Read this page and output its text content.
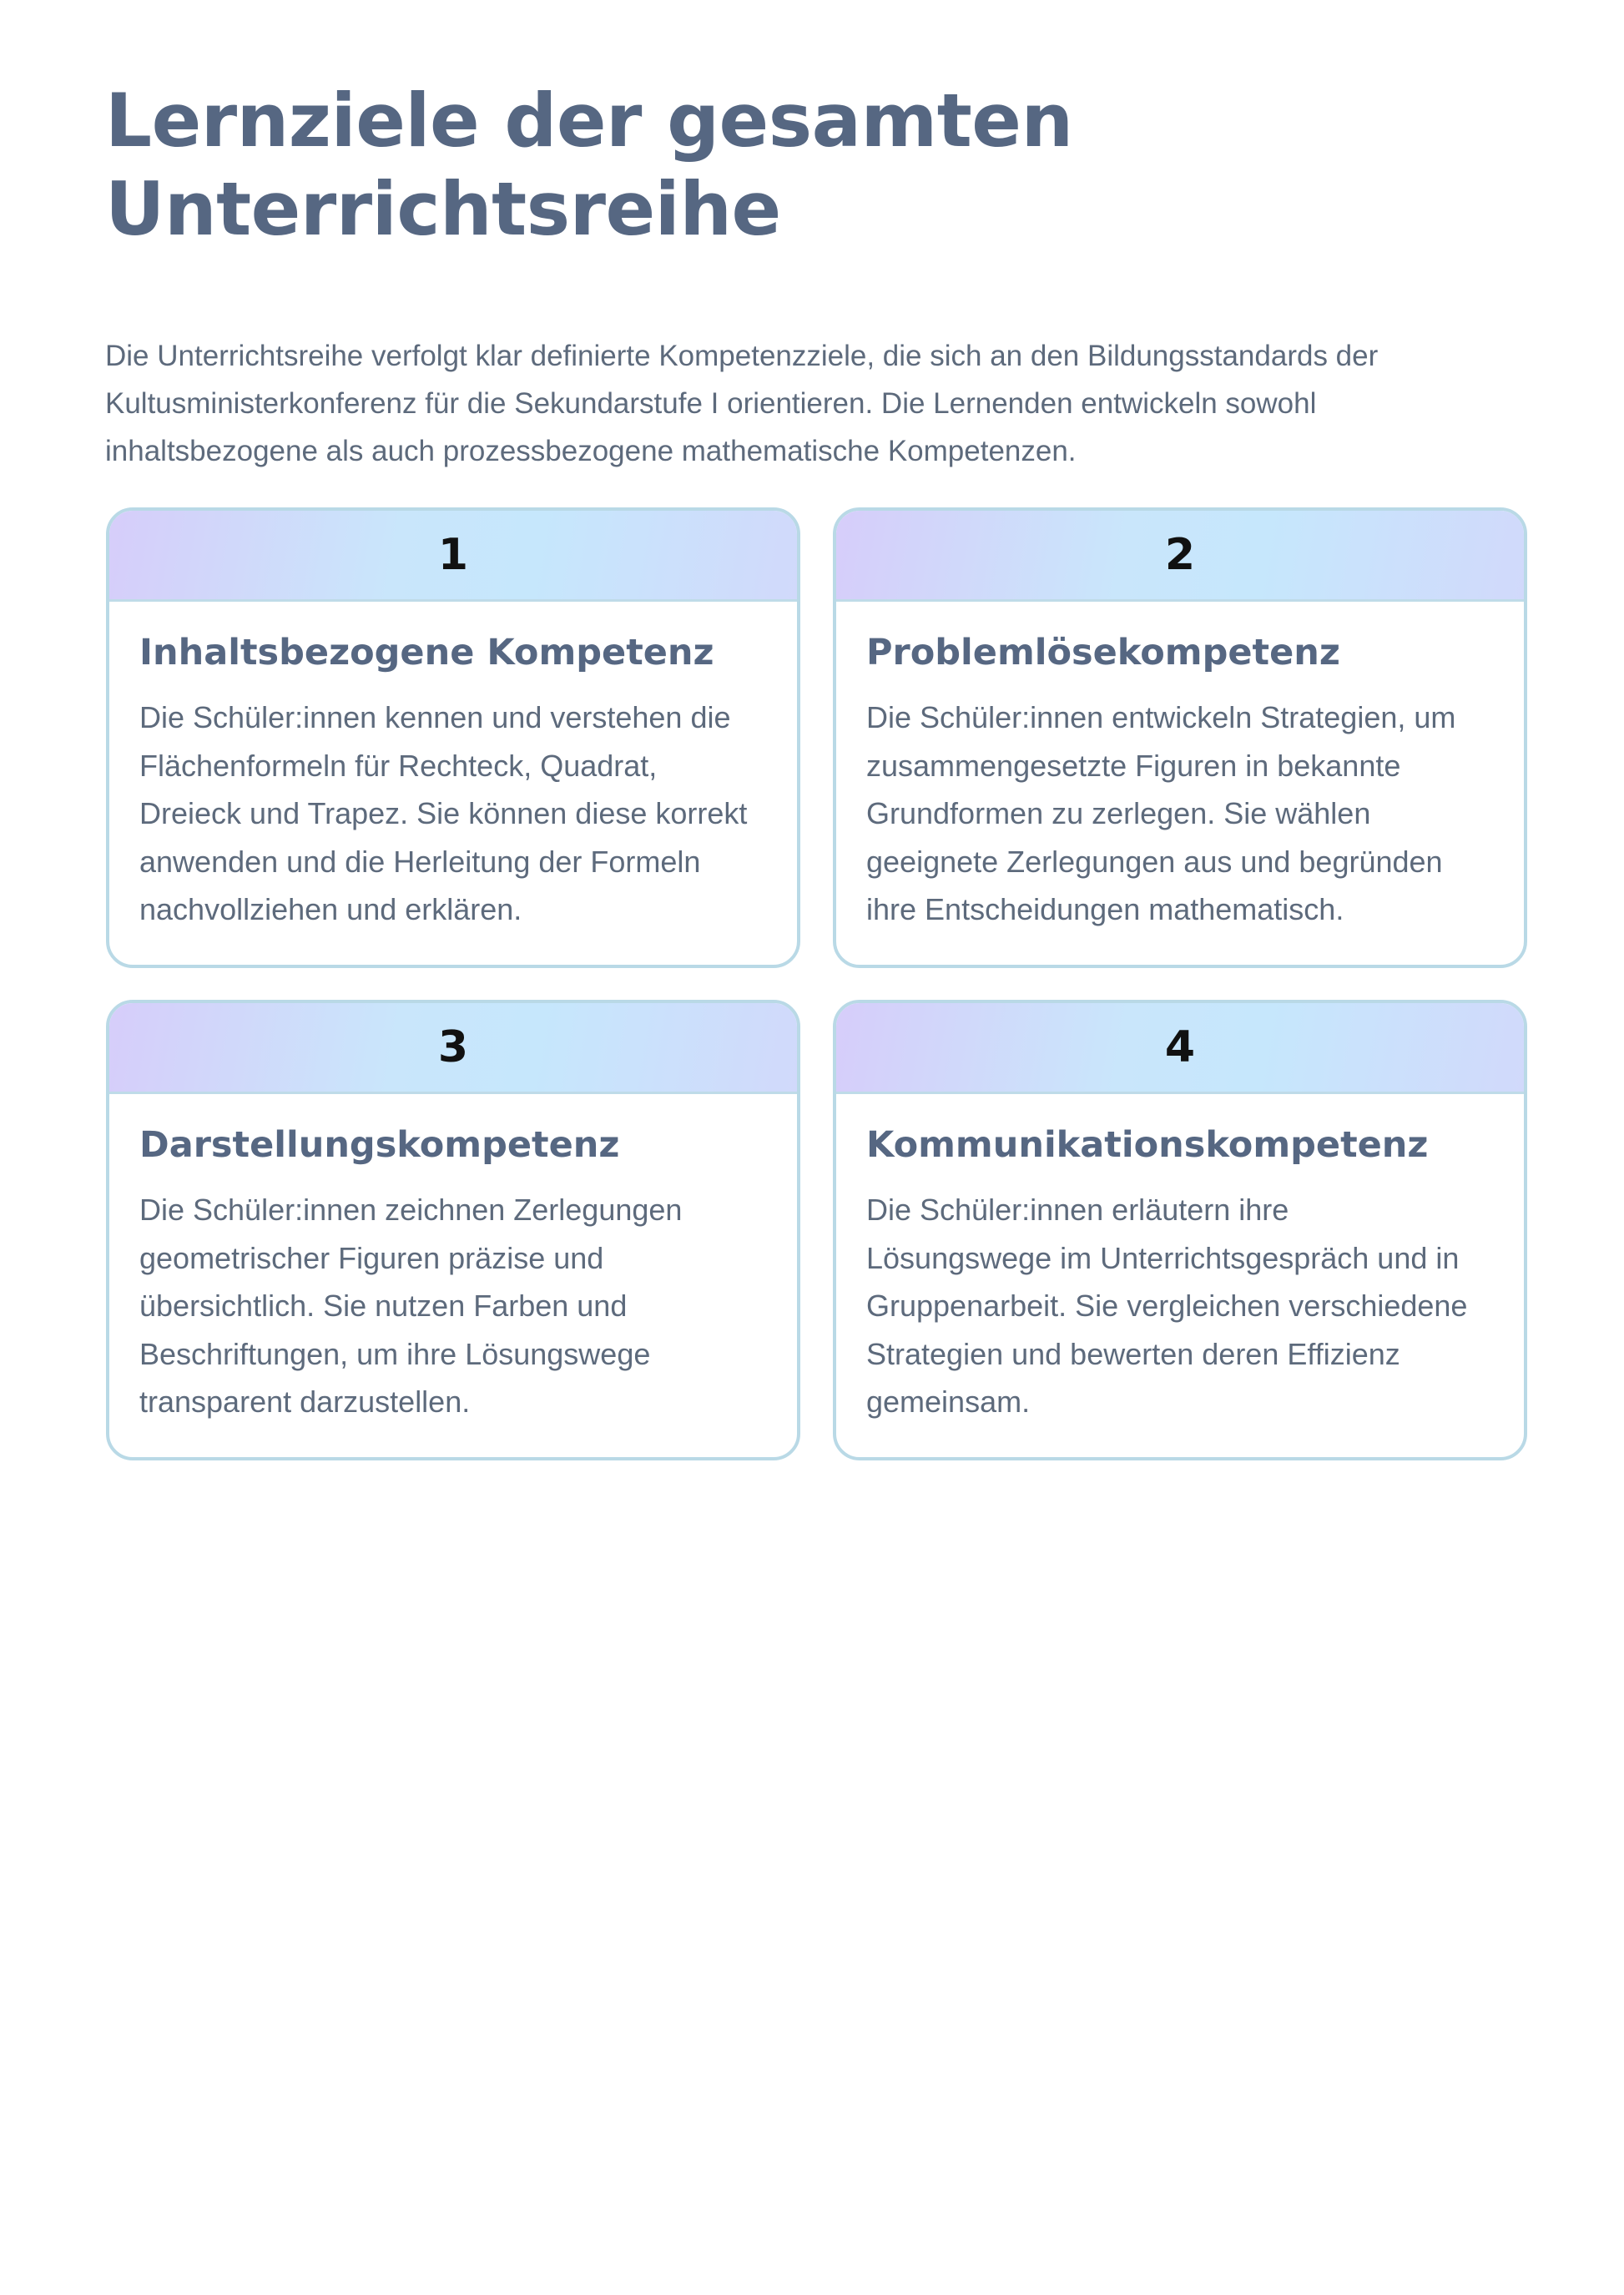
Lernziele der gesamten
Unterrichtsreihe

Die Unterrichtsreihe verfolgt klar definierte Kompetenzziele, die sich an den Bildungsstandards der
Kultusministerkonferenz für die Sekundarstufe I orientieren. Die Lernenden entwickeln sowohl
inhaltsbezogene als auch prozessbezogene mathematische Kompetenzen.

1
Inhaltsbezogene Kompetenz
Die Schüler:innen kennen und verstehen die
Flächenformeln für Rechteck, Quadrat,
Dreieck und Trapez. Sie können diese korrekt
anwenden und die Herleitung der Formeln
nachvollziehen und erklären.
2
Problemlösekompetenz
Die Schüler:innen entwickeln Strategien, um
zusammengesetzte Figuren in bekannte
Grundformen zu zerlegen. Sie wählen
geeignete Zerlegungen aus und begründen
ihre Entscheidungen mathematisch.
3
Darstellungskompetenz
Die Schüler:innen zeichnen Zerlegungen
geometrischer Figuren präzise und
übersichtlich. Sie nutzen Farben und
Beschriftungen, um ihre Lösungswege
transparent darzustellen.
4
Kommunikationskompetenz
Die Schüler:innen erläutern ihre
Lösungswege im Unterrichtsgespräch und in
Gruppenarbeit. Sie vergleichen verschiedene
Strategien und bewerten deren Effizienz
gemeinsam.
